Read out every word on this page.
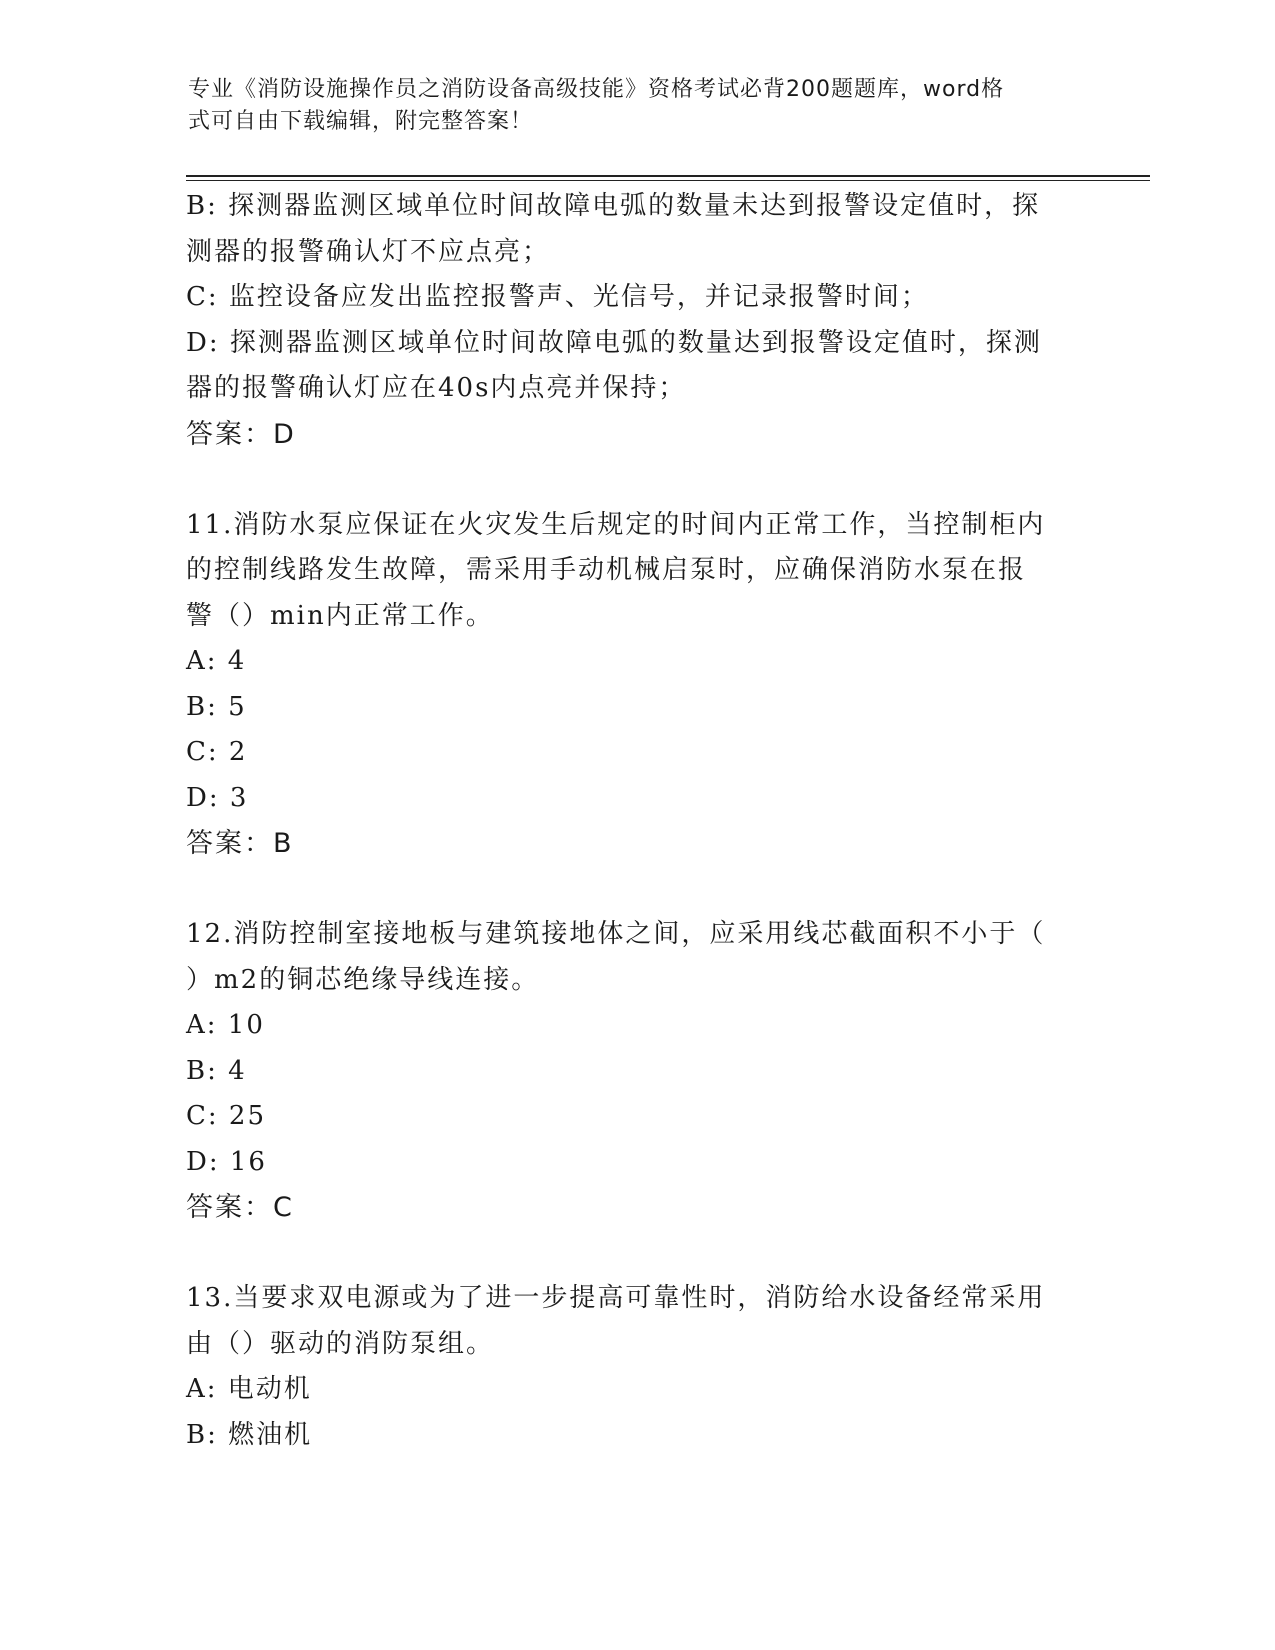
专业《消防设施操作员之消防设备高级技能》资格考试必背200题题库，word格
式可自由下载编辑，附完整答案！
B: 探测器监测区域单位时间故障电弧的数量未达到报警设定值时，探
测器的报警确认灯不应点亮；
C: 监控设备应发出监控报警声、光信号，并记录报警时间；
D: 探测器监测区域单位时间故障电弧的数量达到报警设定值时，探测
器的报警确认灯应在40s内点亮并保持；
答案：D
11.消防水泵应保证在火灾发生后规定的时间内正常工作，当控制柜内
的控制线路发生故障，需采用手动机械启泵时，应确保消防水泵在报
警（）min内正常工作。
A: 4
B: 5
C: 2
D: 3
答案：B
12.消防控制室接地板与建筑接地体之间，应采用线芯截面积不小于（
）m2的铜芯绝缘导线连接。
A: 10
B: 4
C: 25
D: 16
答案：C
13.当要求双电源或为了进一步提高可靠性时，消防给水设备经常采用
由（）驱动的消防泵组。
A: 电动机
B: 燃油机
